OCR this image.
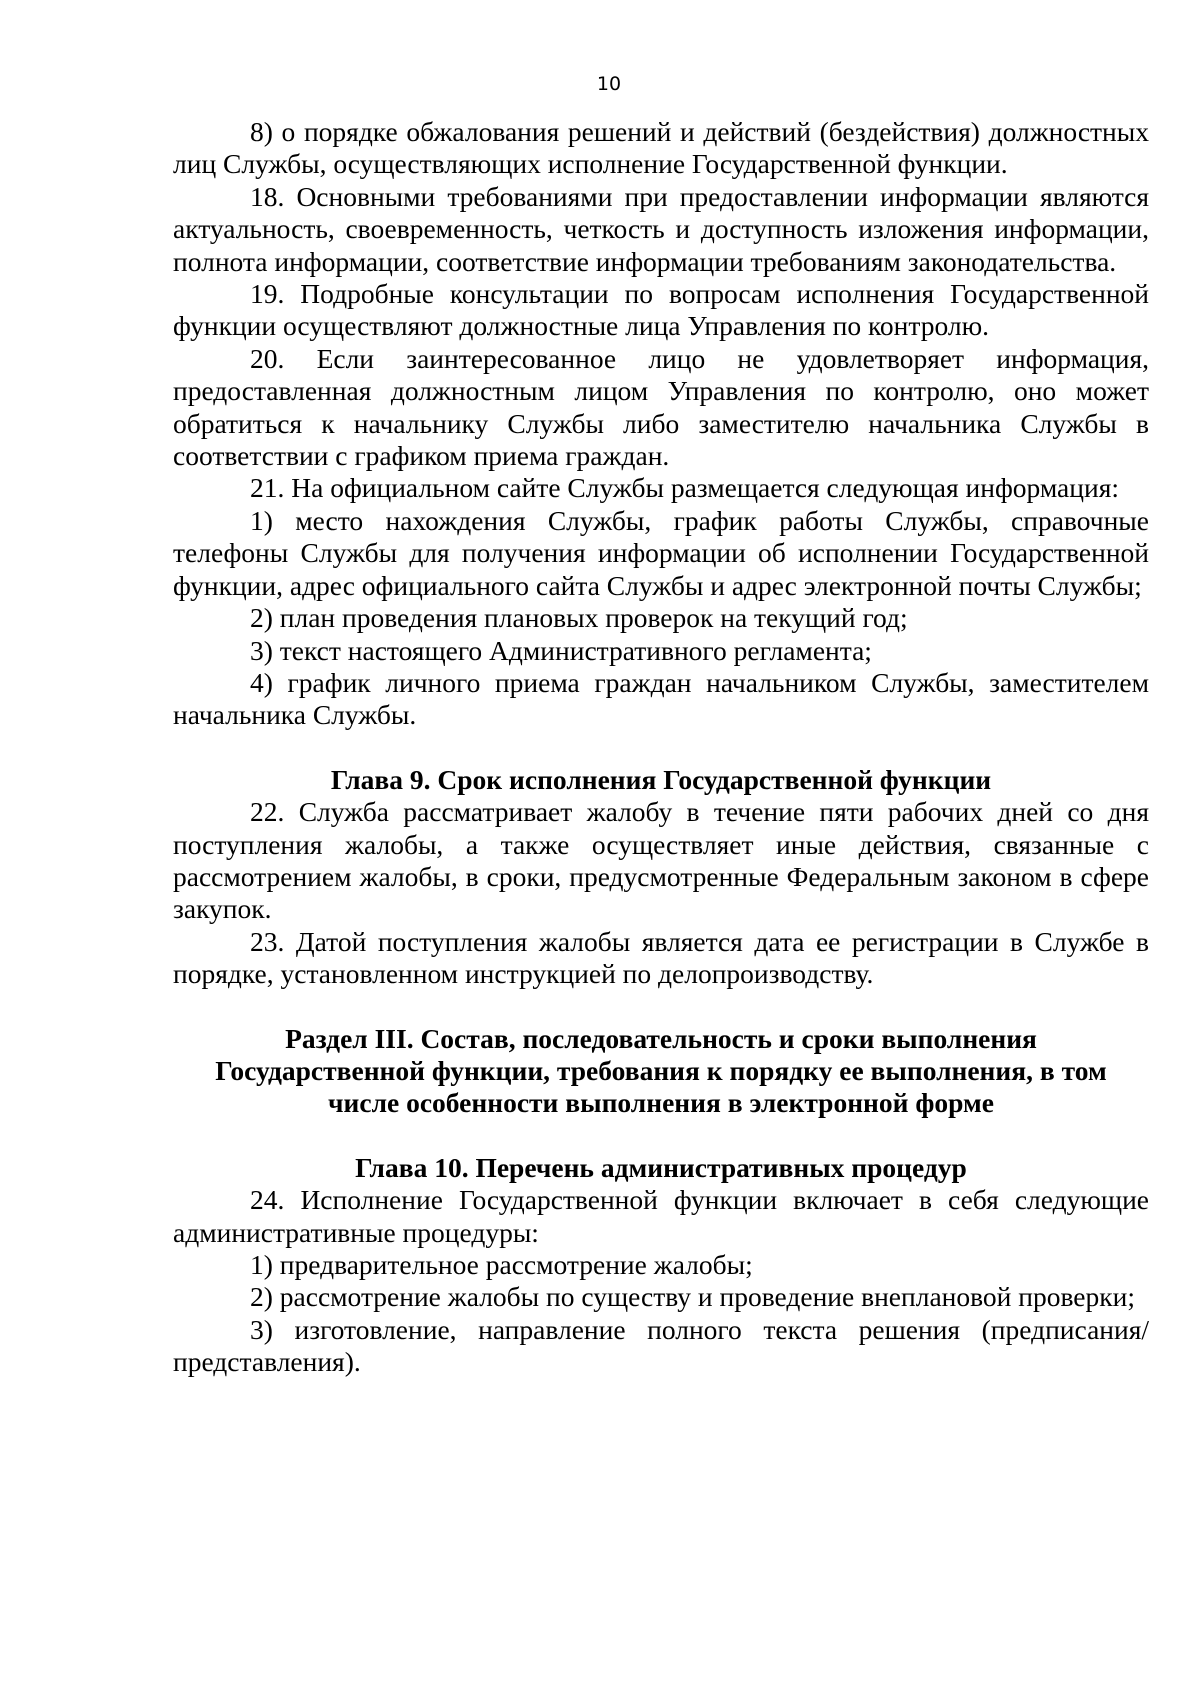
10

8) о порядке обжалования решений и действий (бездействия) должностных лиц Службы, осуществляющих исполнение Государственной функции.

18. Основными требованиями при предоставлении информации являются актуальность, своевременность, четкость и доступность изложения информации, полнота информации, соответствие информации требованиям законодательства.

19. Подробные консультации по вопросам исполнения Государственной функции осуществляют должностные лица Управления по контролю.

20. Если заинтересованное лицо не удовлетворяет информация, предоставленная должностным лицом Управления по контролю, оно может обратиться к начальнику Службы либо заместителю начальника Службы в соответствии с графиком приема граждан.

21. На официальном сайте Службы размещается следующая информация:

1) место нахождения Службы, график работы Службы, справочные телефоны Службы для получения информации об исполнении Государственной функции, адрес официального сайта Службы и адрес электронной почты Службы;

2) план проведения плановых проверок на текущий год;

3) текст настоящего Административного регламента;

4) график личного приема граждан начальником Службы, заместителем начальника Службы.

Глава 9. Срок исполнения Государственной функции

22. Служба рассматривает жалобу в течение пяти рабочих дней со дня поступления жалобы, а также осуществляет иные действия, связанные с рассмотрением жалобы, в сроки, предусмотренные Федеральным законом в сфере закупок.

23. Датой поступления жалобы является дата ее регистрации в Службе в порядке, установленном инструкцией по делопроизводству.

Раздел III. Состав, последовательность и сроки выполнения

Государственной функции, требования к порядку ее выполнения, в том

числе особенности выполнения в электронной форме

Глава 10. Перечень административных процедур

24. Исполнение Государственной функции включает в себя следующие административные процедуры:

1) предварительное рассмотрение жалобы;

2) рассмотрение жалобы по существу и проведение внеплановой проверки;

3) изготовление, направление полного текста решения (предписания/представления).
